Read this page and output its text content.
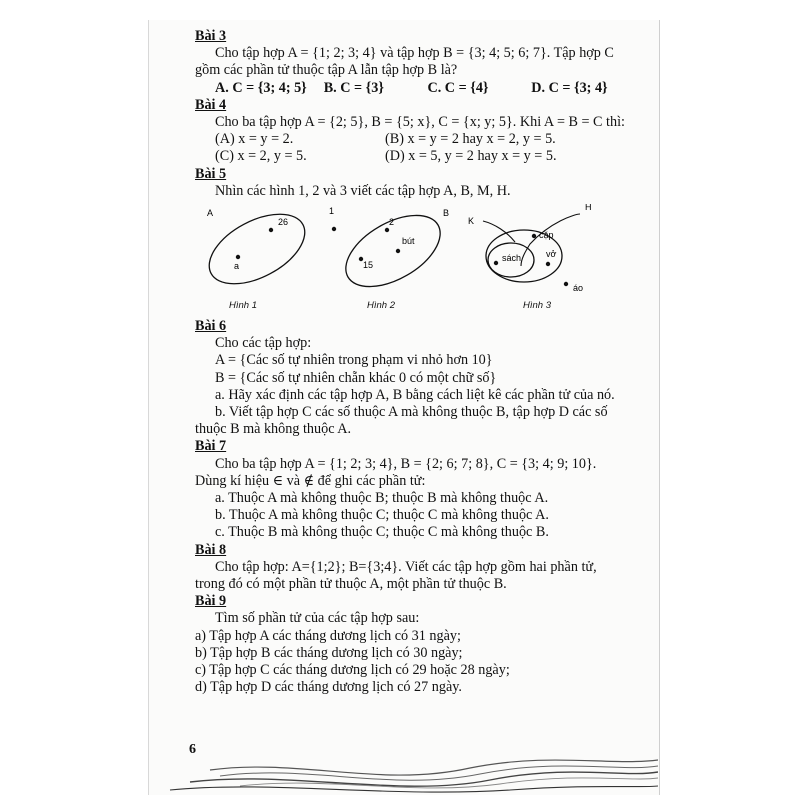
Bài 3

Cho tập hợp A = {1; 2; 3; 4} và tập hợp B = {3; 4; 5; 6; 7}. Tập hợp C

gồm các phần tử thuộc tập A lẫn tập hợp B là?

A. C = {3; 4; 5}	B. C = {3}	C. C = {4}	D. C = {3; 4}

Bài 4

Cho ba tập hợp A = {2; 5}, B = {5; x}, C = {x; y; 5}. Khi A = B = C thì:

(A) x = y = 2.	(B) x = y = 2 hay x = 2, y = 5.
(C) x = 2, y = 5.	(D) x = 5, y = 2 hay x = y = 5.

Bài 5

Nhìn các hình 1, 2 và 3 viết các tập hợp A, B, M, H.

A
26
a
1	B
2
bút
15
H
K
cặp
sách	vở
áo
Hình 1	Hình 2	Hình 3

Bài 6

Cho các tập hợp:

A = {Các số tự nhiên trong phạm vi nhỏ hơn 10}

B = {Các số tự nhiên chẵn khác 0 có một chữ số}

a. Hãy xác định các tập hợp A, B bằng cách liệt kê các phần tử của nó.

b. Viết tập hợp C các số thuộc A mà không thuộc B, tập hợp D các số

thuộc B mà không thuộc A.

Bài 7

Cho ba tập hợp A = {1; 2; 3; 4}, B = {2; 6; 7; 8}, C = {3; 4; 9; 10}.

Dùng kí hiệu ∈ và ∉ để ghi các phần tử:

a. Thuộc A mà không thuộc B; thuộc B mà không thuộc A.

b. Thuộc A mà không thuộc C; thuộc C mà không thuộc A.

c. Thuộc B mà không thuộc C; thuộc C mà không thuộc B.

Bài 8

Cho tập hợp: A={1;2}; B={3;4}. Viết các tập hợp gồm hai phần tử,

trong đó có một phần tử thuộc A, một phần tử thuộc B.

Bài 9

Tìm số phần tử của các tập hợp sau:

a) Tập hợp A các tháng dương lịch có 31 ngày;

b) Tập hợp B các tháng dương lịch có 30 ngày;

c) Tập hợp C các tháng dương lịch có 29 hoặc 28 ngày;

d) Tập hợp D các tháng dương lịch có 27 ngày.

6
